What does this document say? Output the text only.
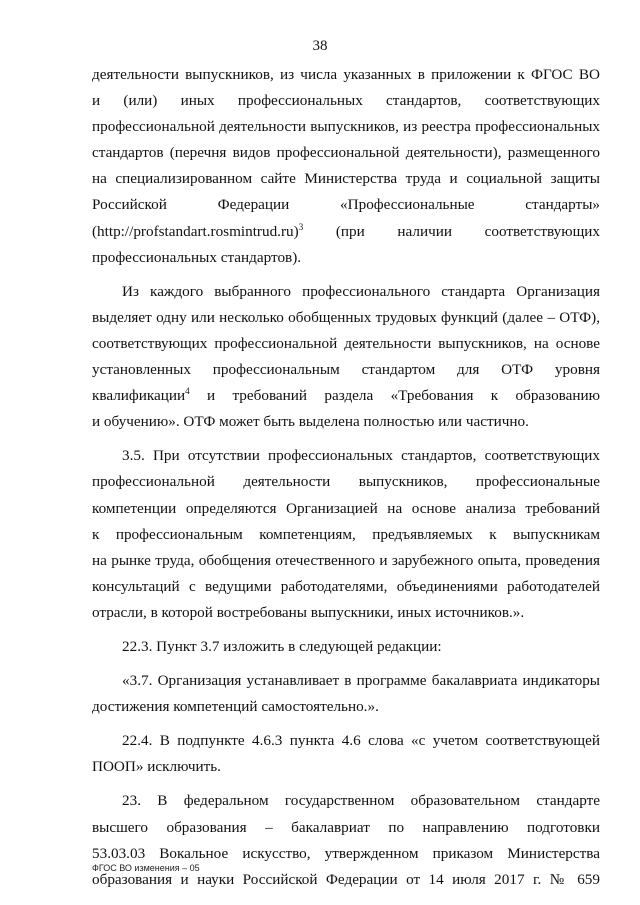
38
деятельности выпускников, из числа указанных в приложении к ФГОС ВО
и (или) иных профессиональных стандартов, соответствующих
профессиональной деятельности выпускников, из реестра профессиональных
стандартов (перечня видов профессиональной деятельности), размещенного
на специализированном сайте Министерства труда и социальной защиты
Российской Федерации «Профессиональные стандарты»
(http://profstandart.rosmintrud.ru)$^3$ (при наличии соответствующих
профессиональных стандартов).
Из каждого выбранного профессионального стандарта Организация
выделяет одну или несколько обобщенных трудовых функций (далее – ОТФ),
соответствующих профессиональной деятельности выпускников, на основе
установленных профессиональным стандартом для ОТФ уровня
квалификации$^4$ и требований раздела «Требования к образованию
и обучению». ОТФ может быть выделена полностью или частично.
3.5. При отсутствии профессиональных стандартов, соответствующих
профессиональной деятельности выпускников, профессиональные
компетенции определяются Организацией на основе анализа требований
к профессиональным компетенциям, предъявляемых к выпускникам
на рынке труда, обобщения отечественного и зарубежного опыта, проведения
консультаций с ведущими работодателями, объединениями работодателей
отрасли, в которой востребованы выпускники, иных источников.».
22.3. Пункт 3.7 изложить в следующей редакции:
«3.7. Организация устанавливает в программе бакалавриата индикаторы
достижения компетенций самостоятельно.».
22.4. В подпункте 4.6.3 пункта 4.6 слова «с учетом соответствующей
ПООП» исключить.
23. В федеральном государственном образовательном стандарте
высшего образования – бакалавриат по направлению подготовки
53.03.03 Вокальное искусство, утвержденном приказом Министерства
образования и науки Российской Федерации от 14 июля 2017 г. № 659
ФГОС ВО изменения – 05
